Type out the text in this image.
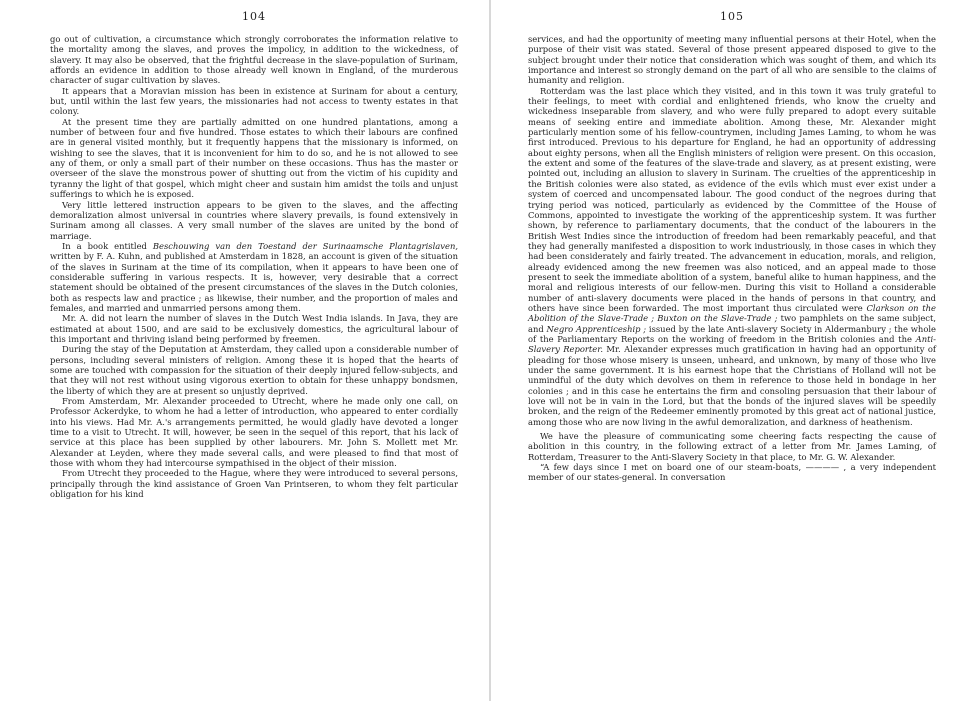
104

go out of cultivation, a circumstance which strongly corroborates the information relative to the mortality among the slaves, and proves the impolicy, in addition to the wickedness, of slavery. It may also be observed, that the frightful decrease in the slave-population of Surinam, affords an evidence in addition to those already well known in England, of the murderous character of sugar cultivation by slaves.

It appears that a Moravian mission has been in existence at Surinam for about a century, but, until within the last few years, the missionaries had not access to twenty estates in that colony.

At the present time they are partially admitted on one hundred plantations, among a number of between four and five hundred. Those estates to which their labours are confined are in general visited monthly, but it frequently happens that the missionary is informed, on wishing to see the slaves, that it is inconvenient for him to do so, and he is not allowed to see any of them, or only a small part of their number on these occasions. Thus has the master or overseer of the slave the monstrous power of shutting out from the victim of his cupidity and tyranny the light of that gospel, which might cheer and sustain him amidst the toils and unjust sufferings to which he is exposed.

Very little lettered instruction appears to be given to the slaves, and the affecting demoralization almost universal in countries where slavery prevails, is found extensively in Surinam among all classes. A very small number of the slaves are united by the bond of marriage.

In a book entitled Beschouwing van den Toestand der Surinaamsche Plantagrislaven, written by F. A. Kuhn, and published at Amsterdam in 1828, an account is given of the situation of the slaves in Surinam at the time of its compilation, when it appears to have been one of considerable suffering in various respects. It is, however, very desirable that a correct statement should be obtained of the present circumstances of the slaves in the Dutch colonies, both as respects law and practice ; as likewise, their number, and the proportion of males and females, and married and unmarried persons among them.

Mr. A. did not learn the number of slaves in the Dutch West India islands. In Java, they are estimated at about 1500, and are said to be exclusively domestics, the agricultural labour of this important and thriving island being performed by freemen.

During the stay of the Deputation at Amsterdam, they called upon a considerable number of persons, including several ministers of religion. Among these it is hoped that the hearts of some are touched with compassion for the situation of their deeply injured fellow-subjects, and that they will not rest without using vigorous exertion to obtain for these unhappy bondsmen, the liberty of which they are at present so unjustly deprived.

From Amsterdam, Mr. Alexander proceeded to Utrecht, where he made only one call, on Professor Ackerdyke, to whom he had a letter of introduction, who appeared to enter cordially into his views. Had Mr. A.'s arrangements permitted, he would gladly have devoted a longer time to a visit to Utrecht. It will, however, be seen in the sequel of this report, that his lack of service at this place has been supplied by other labourers. Mr. John S. Mollett met Mr. Alexander at Leyden, where they made several calls, and were pleased to find that most of those with whom they had intercourse sympathised in the object of their mission.

From Utrecht they proceeded to the Hague, where they were introduced to several persons, principally through the kind assistance of Groen Van Printseren, to whom they felt particular obligation for his kind

105

services, and had the opportunity of meeting many influential persons at their Hotel, when the purpose of their visit was stated. Several of those present appeared disposed to give to the subject brought under their notice that consideration which was sought of them, and which its importance and interest so strongly demand on the part of all who are sensible to the claims of humanity and religion.

Rotterdam was the last place which they visited, and in this town it was truly grateful to their feelings, to meet with cordial and enlightened friends, who know the cruelty and wickedness inseparable from slavery, and who were fully prepared to adopt every suitable means of seeking entire and immediate abolition. Among these, Mr. Alexander might particularly mention some of his fellow-countrymen, including James Laming, to whom he was first introduced. Previous to his departure for England, he had an opportunity of addressing about eighty persons, when all the English ministers of religion were present. On this occasion, the extent and some of the features of the slave-trade and slavery, as at present existing, were pointed out, including an allusion to slavery in Surinam. The cruelties of the apprenticeship in the British colonies were also stated, as evidence of the evils which must ever exist under a system of coerced and uncompensated labour. The good conduct of the negroes during that trying period was noticed, particularly as evidenced by the Committee of the House of Commons, appointed to investigate the working of the apprenticeship system. It was further shown, by reference to parliamentary documents, that the conduct of the labourers in the British West Indies since the introduction of freedom had been remarkably peaceful, and that they had generally manifested a disposition to work industriously, in those cases in which they had been considerately and fairly treated. The advancement in education, morals, and religion, already evidenced among the new freemen was also noticed, and an appeal made to those present to seek the immediate abolition of a system, baneful alike to human happiness, and the moral and religious interests of our fellow-men. During this visit to Holland a considerable number of anti-slavery documents were placed in the hands of persons in that country, and others have since been forwarded. The most important thus circulated were Clarkson on the Abolition of the Slave-Trade ; Buxton on the Slave-Trade ; two pamphlets on the same subject, and Negro Apprenticeship ; issued by the late Anti-slavery Society in Aldermanbury ; the whole of the Parliamentary Reports on the working of freedom in the British colonies and the Anti-Slavery Reporter. Mr. Alexander expresses much gratification in having had an opportunity of pleading for those whose misery is unseen, unheard, and unknown, by many of those who live under the same government. It is his earnest hope that the Christians of Holland will not be unmindful of the duty which devolves on them in reference to those held in bondage in her colonies ; and in this case he entertains the firm and consoling persuasion that their labour of love will not be in vain in the Lord, but that the bonds of the injured slaves will be speedily broken, and the reign of the Redeemer eminently promoted by this great act of national justice, among those who are now living in the awful demoralization, and darkness of heathenism.

We have the pleasure of communicating some cheering facts respecting the cause of abolition in this country, in the following extract of a letter from Mr. James Laming, of Rotterdam, Treasurer to the Anti-Slavery Society in that place, to Mr. G. W. Alexander.

“A few days since I met on board one of our steam-boats, ———— , a very independent member of our states-general. In conversation
